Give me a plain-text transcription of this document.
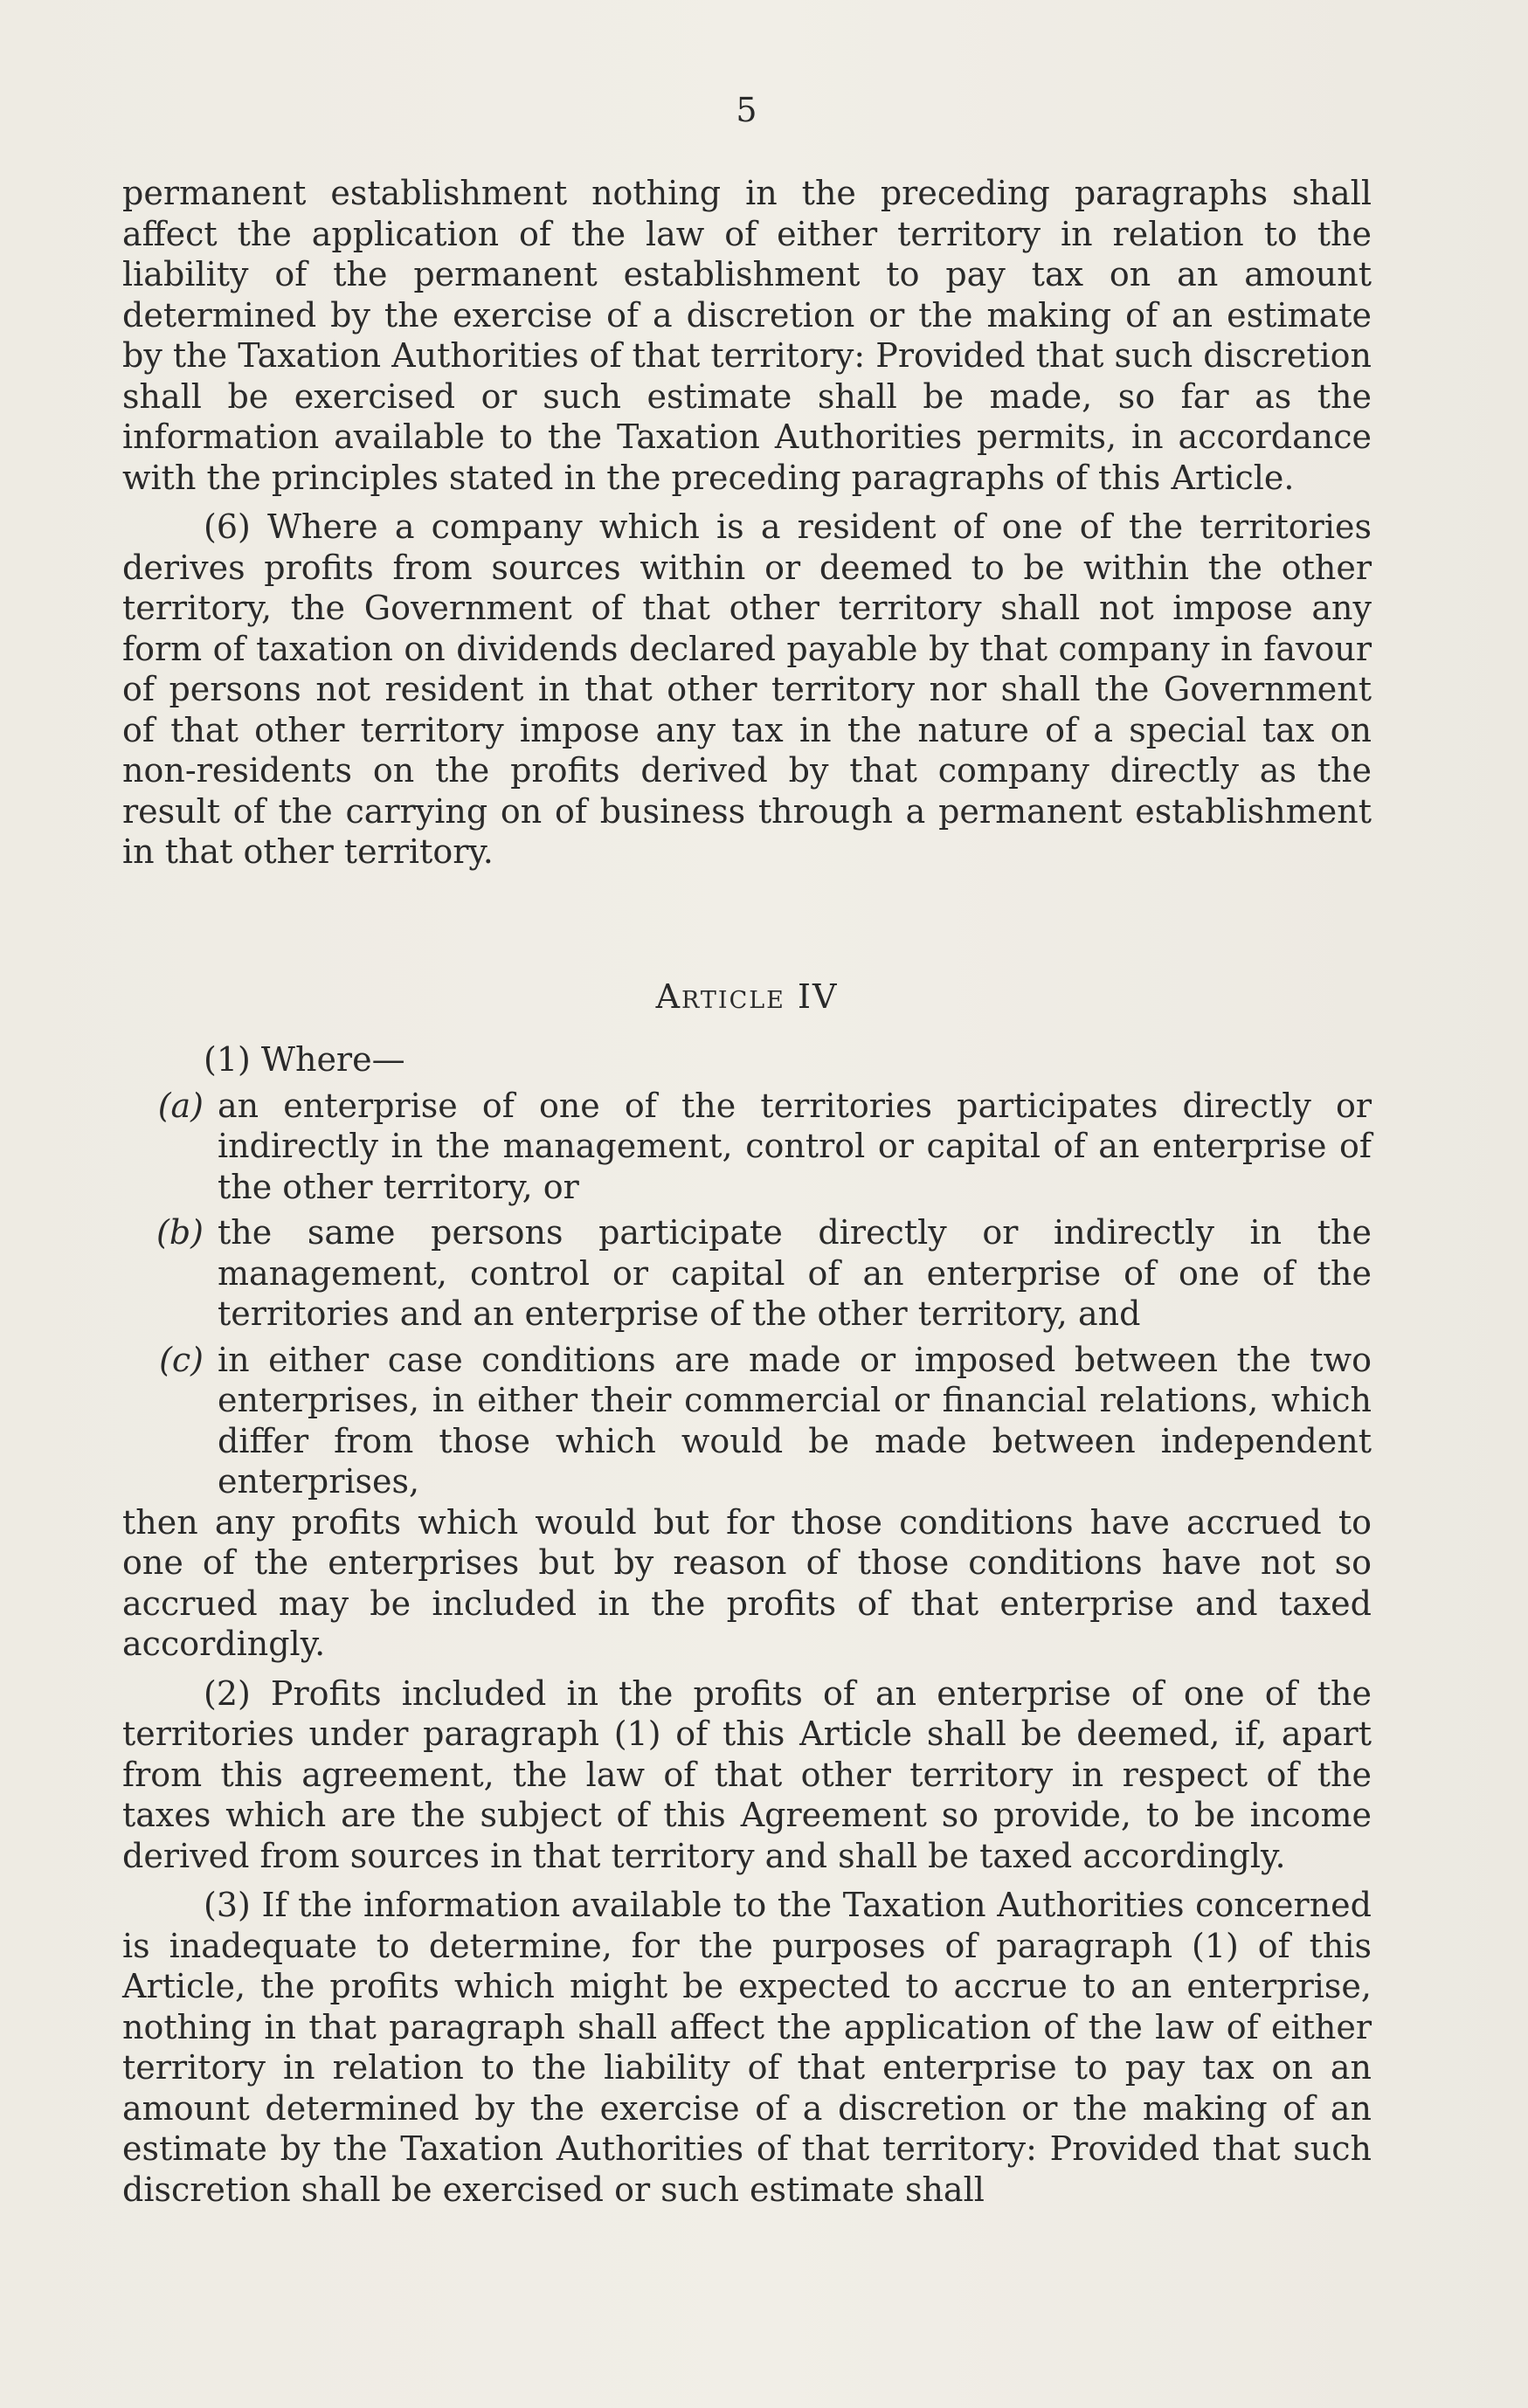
5

permanent establishment nothing in the preceding paragraphs shall affect the application of the law of either territory in relation to the liability of the permanent establishment to pay tax on an amount determined by the exercise of a discretion or the making of an estimate by the Taxation Authorities of that territory: Provided that such discretion shall be exercised or such estimate shall be made, so far as the information available to the Taxation Authorities permits, in accordance with the principles stated in the preceding paragraphs of this Article.

(6) Where a company which is a resident of one of the territories derives profits from sources within or deemed to be within the other territory, the Government of that other territory shall not impose any form of taxation on dividends declared payable by that company in favour of persons not resident in that other territory nor shall the Government of that other territory impose any tax in the nature of a special tax on non-residents on the profits derived by that company directly as the result of the carrying on of business through a permanent establishment in that other territory.

Article IV

(1) Where—

(a) an enterprise of one of the territories participates directly or indirectly in the management, control or capital of an enterprise of the other territory, or
(b) the same persons participate directly or indirectly in the management, control or capital of an enterprise of one of the territories and an enterprise of the other territory, and
(c) in either case conditions are made or imposed between the two enterprises, in either their commercial or financial relations, which differ from those which would be made between independent enterprises,

then any profits which would but for those conditions have accrued to one of the enterprises but by reason of those conditions have not so accrued may be included in the profits of that enterprise and taxed accordingly.

(2) Profits included in the profits of an enterprise of one of the territories under paragraph (1) of this Article shall be deemed, if, apart from this agreement, the law of that other territory in respect of the taxes which are the subject of this Agreement so provide, to be income derived from sources in that territory and shall be taxed accordingly.

(3) If the information available to the Taxation Authorities concerned is inadequate to determine, for the purposes of paragraph (1) of this Article, the profits which might be expected to accrue to an enterprise, nothing in that paragraph shall affect the application of the law of either territory in relation to the liability of that enterprise to pay tax on an amount determined by the exercise of a discretion or the making of an estimate by the Taxation Authorities of that territory: Provided that such discretion shall be exercised or such estimate shall
